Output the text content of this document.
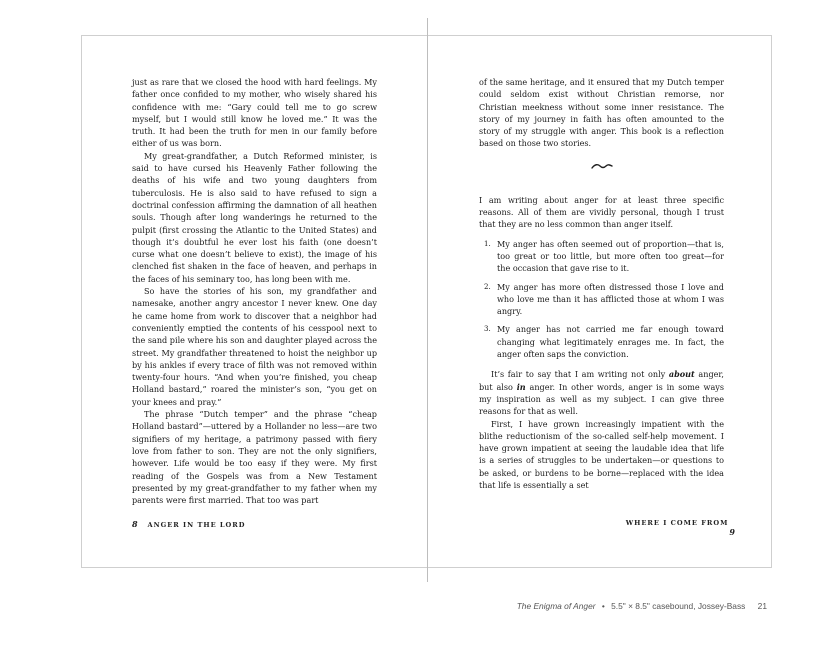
just as rare that we closed the hood with hard feelings. My father once confided to my mother, who wisely shared his confidence with me: “Gary could tell me to go screw myself, but I would still know he loved me.” It was the truth. It had been the truth for men in our family before either of us was born.

My great-grandfather, a Dutch Reformed minister, is said to have cursed his Heavenly Father following the deaths of his wife and two young daughters from tuberculosis. He is also said to have refused to sign a doctrinal confession affirming the damnation of all heathen souls. Though after long wanderings he returned to the pulpit (first crossing the Atlantic to the United States) and though it’s doubtful he ever lost his faith (one doesn’t curse what one doesn’t believe to exist), the image of his clenched fist shaken in the face of heaven, and perhaps in the faces of his seminary too, has long been with me.

So have the stories of his son, my grandfather and namesake, another angry ancestor I never knew. One day he came home from work to discover that a neighbor had conveniently emptied the contents of his cesspool next to the sand pile where his son and daughter played across the street. My grandfather threatened to hoist the neighbor up by his ankles if every trace of filth was not removed within twenty-four hours. “And when you’re finished, you cheap Holland bastard,” roared the minister’s son, “you get on your knees and pray.”

The phrase “Dutch temper” and the phrase “cheap Holland bastard”—uttered by a Hollander no less—are two signifiers of my heritage, a patrimony passed with fiery love from father to son. They are not the only signifiers, however. Life would be too easy if they were. My first reading of the Gospels was from a New Testament presented by my great-grandfather to my father when my parents were first married. That too was part

8 ANGER IN THE LORD

of the same heritage, and it ensured that my Dutch temper could seldom exist without Christian remorse, nor Christian meekness without some inner resistance. The story of my journey in faith has often amounted to the story of my struggle with anger. This book is a reflection based on those two stories.

I am writing about anger for at least three specific reasons. All of them are vividly personal, though I trust that they are no less common than anger itself.

1. My anger has often seemed out of proportion—that is, too great or too little, but more often too great—for the occasion that gave rise to it.
2. My anger has more often distressed those I love and who love me than it has afflicted those at whom I was angry.
3. My anger has not carried me far enough toward changing what legitimately enrages me. In fact, the anger often saps the conviction.

It’s fair to say that I am writing not only about anger, but also in anger. In other words, anger is in some ways my inspiration as well as my subject. I can give three reasons for that as well.

First, I have grown increasingly impatient with the blithe reductionism of the so-called self-help movement. I have grown impatient at seeing the laudable idea that life is a series of struggles to be undertaken—or questions to be asked, or burdens to be borne—replaced with the idea that life is essentially a set

WHERE I COME FROM   9
The Enigma of Anger • 5.5" × 8.5" casebound, Jossey-Bass 21
